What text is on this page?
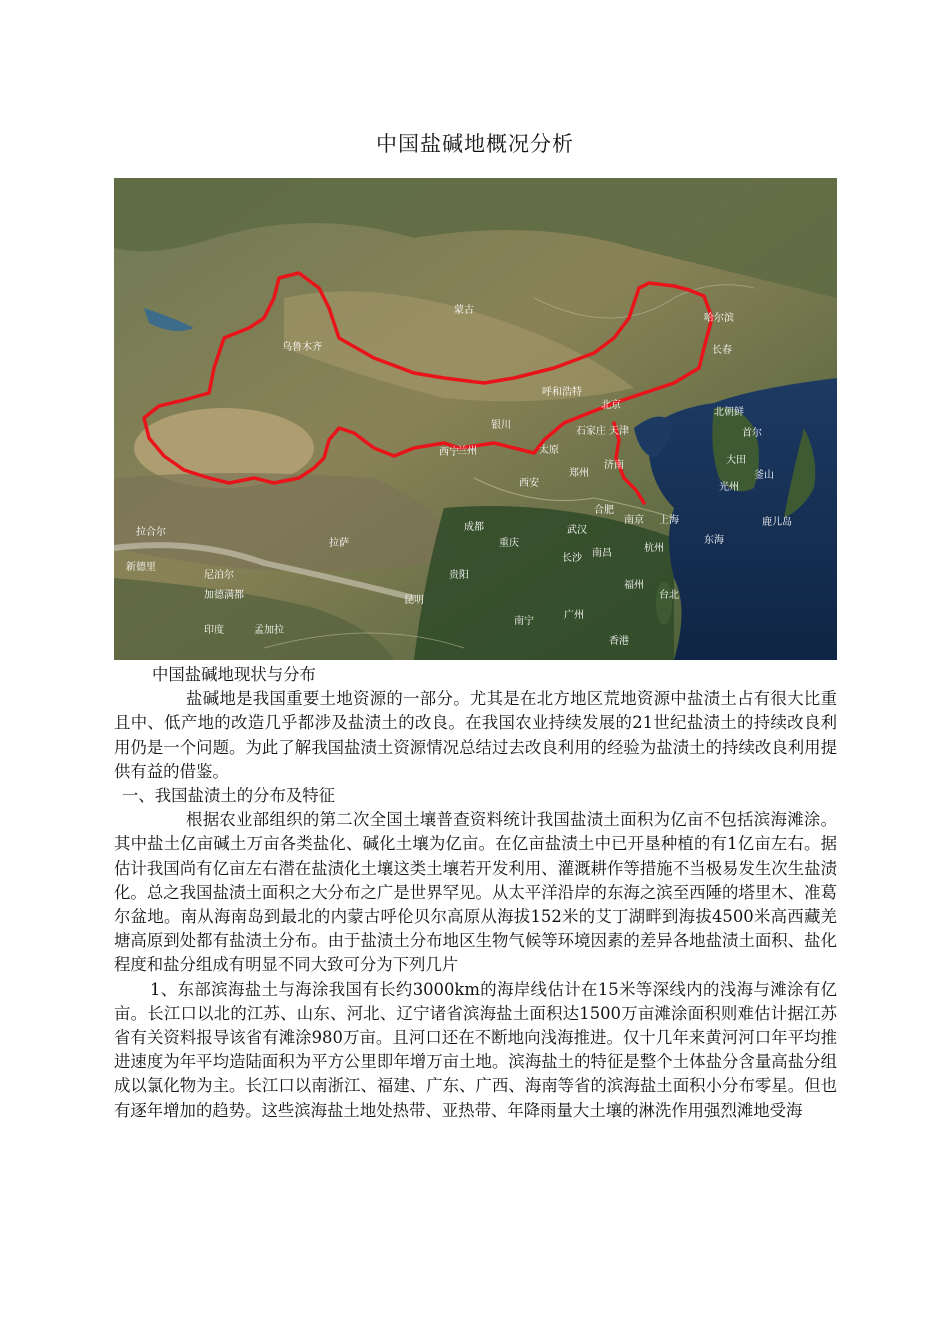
中国盐碱地概况分析
蒙古
乌鲁木齐
哈尔滨
长春
呼和浩特
北京
北朝鲜
银川
石家庄 天津	首尔
西宁
兰州	太原
济南	大田
釜山
西安
郑州
光州
合肥
南京 上海
成都	武汉
杭州
拉萨	重庆
长沙 南昌
东海
贵阳
福州
台北
昆明
南宁
广州
香港
新德里
印度
尼泊尔
加德满都
孟加拉
拉合尔
鹿儿岛

中国盐碱地现状与分布

盐碱地是我国重要土地资源的一部分。尤其是在北方地区荒地资源中盐渍土占有很大比重且中、低产地的改造几乎都涉及盐渍土的改良。在我国农业持续发展的21世纪盐渍土的持续改良利用仍是一个问题。为此了解我国盐渍土资源情况总结过去改良利用的经验为盐渍土的持续改良利用提供有益的借鉴。

一、我国盐渍土的分布及特征

根据农业部组织的第二次全国土壤普查资料统计我国盐渍土面积为亿亩不包括滨海滩涂。其中盐土亿亩碱土万亩各类盐化、碱化土壤为亿亩。在亿亩盐渍土中已开垦种植的有1亿亩左右。据估计我国尚有亿亩左右潜在盐渍化土壤这类土壤若开发利用、灌溉耕作等措施不当极易发生次生盐渍化。总之我国盐渍土面积之大分布之广是世界罕见。从太平洋沿岸的东海之滨至西陲的塔里木、准葛尔盆地。南从海南岛到最北的内蒙古呼伦贝尔高原从海拔152米的艾丁湖畔到海拔4500米高西藏羌塘高原到处都有盐渍土分布。由于盐渍土分布地区生物气候等环境因素的差异各地盐渍土面积、盐化程度和盐分组成有明显不同大致可分为下列几片

1、东部滨海盐土与海涂我国有长约3000km的海岸线估计在15米等深线内的浅海与滩涂有亿亩。长江口以北的江苏、山东、河北、辽宁诸省滨海盐土面积达1500万亩滩涂面积则难估计据江苏省有关资料报导该省有滩涂980万亩。且河口还在不断地向浅海推进。仅十几年来黄河河口年平均推进速度为年平均造陆面积为平方公里即年增万亩土地。滨海盐土的特征是整个土体盐分含量高盐分组成以氯化物为主。长江口以南浙江、福建、广东、广西、海南等省的滨海盐土面积小分布零星。但也有逐年增加的趋势。这些滨海盐土地处热带、亚热带、年降雨量大土壤的淋洗作用强烈滩地受海
